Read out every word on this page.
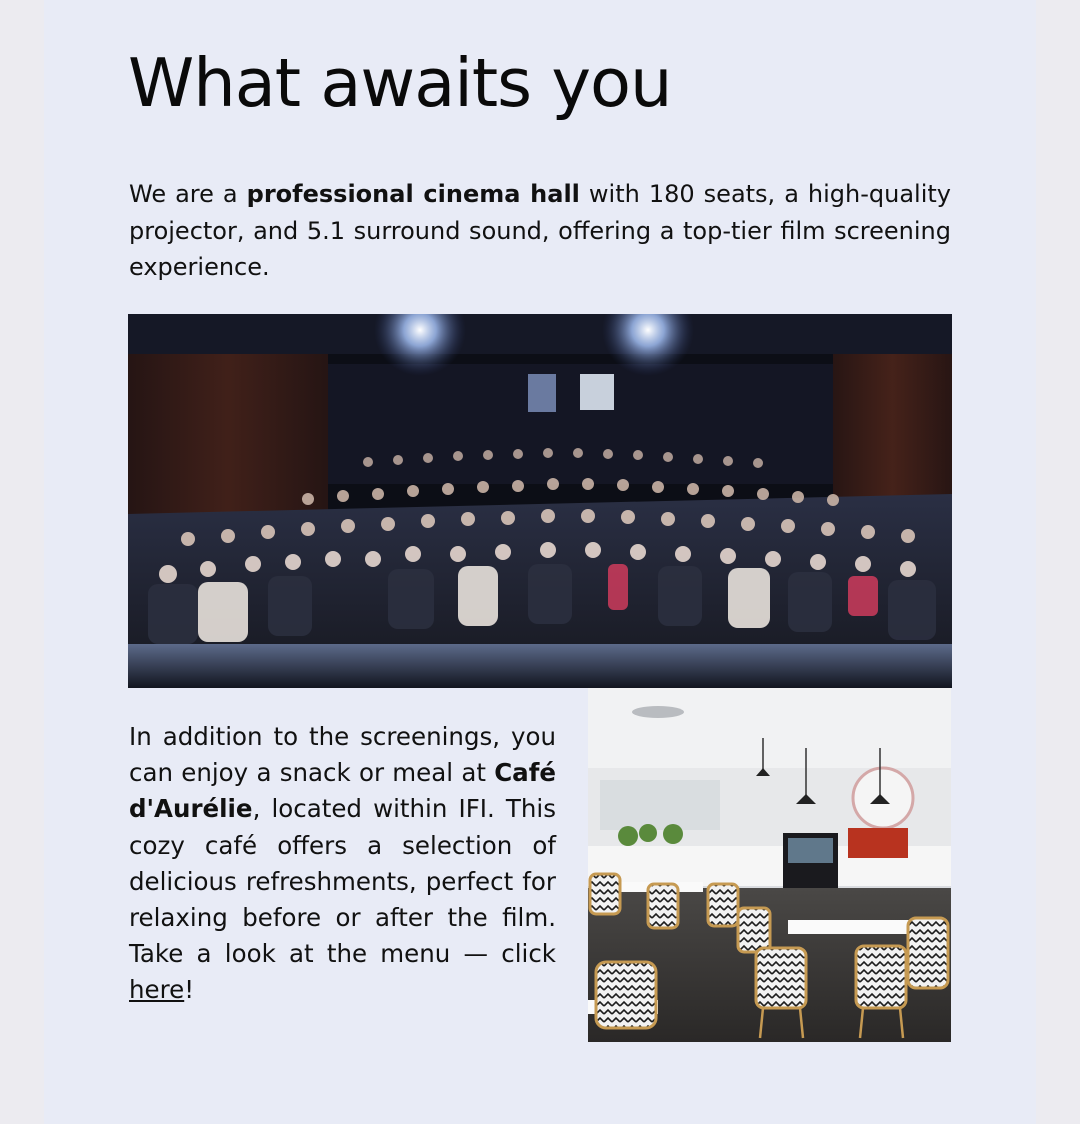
What awaits you

We are a professional cinema hall with 180 seats, a high-quality projector, and 5.1 surround sound, offering a top-tier film screening experience.

In addition to the screenings, you can enjoy a snack or meal at Café d'Aurélie, located within IFI. This cozy café offers a selection of delicious refreshments, perfect for relaxing before or after the film. Take a look at the menu — click here!
